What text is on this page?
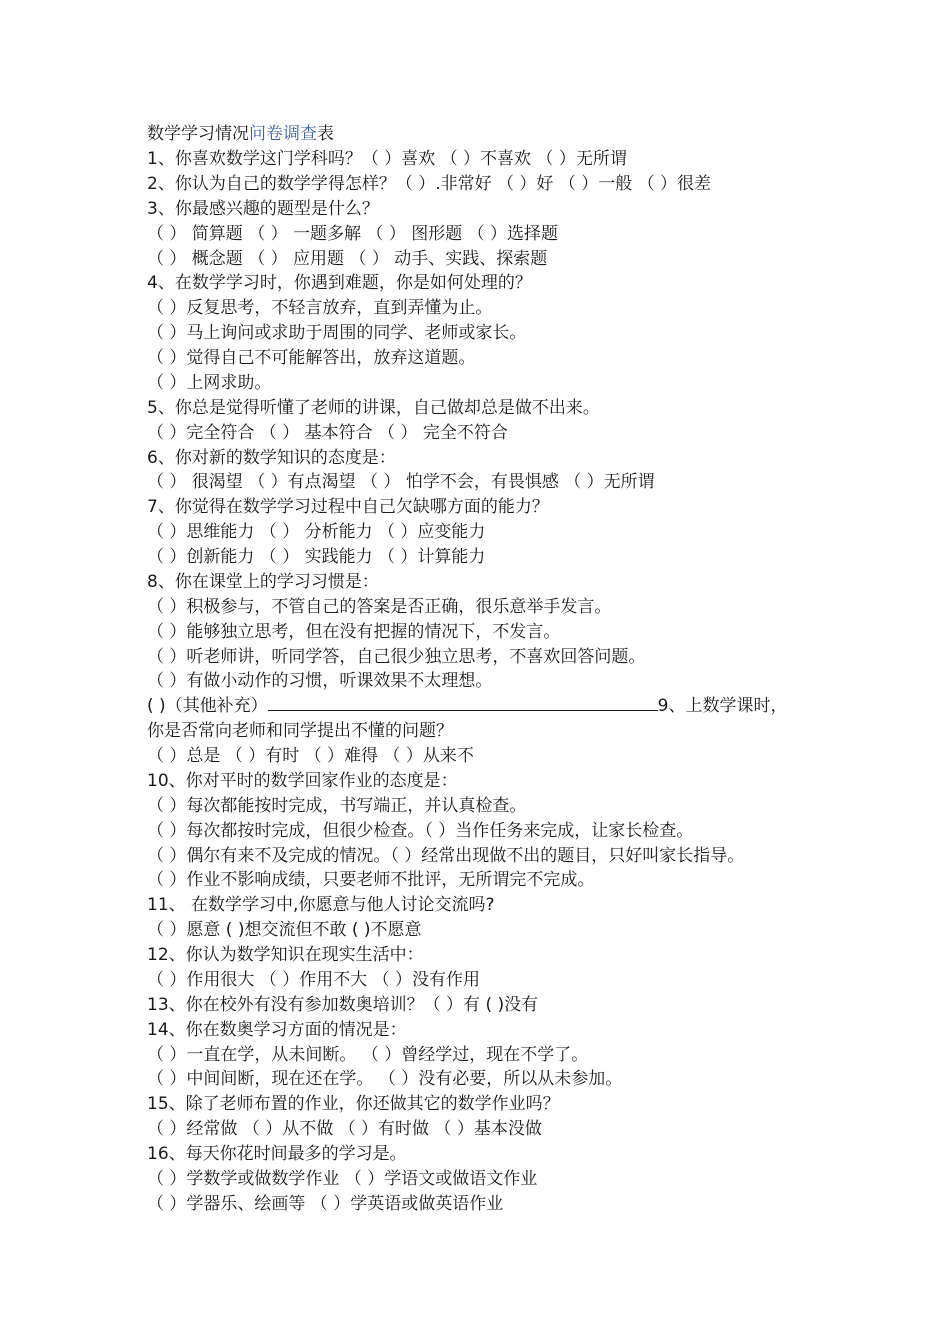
数学学习情况问卷调查表
1、你喜欢数学这门学科吗？（ ）喜欢 （ ）不喜欢 （ ）无所谓
2、你认为自己的数学学得怎样？（ ）.非常好 （ ）好 （ ）一般 （ ）很差
3、你最感兴趣的题型是什么？
（ ） 简算题 （ ） 一题多解 （ ） 图形题 （ ）选择题
（ ） 概念题 （ ） 应用题 （ ） 动手、实践、探索题
4、在数学学习时，你遇到难题，你是如何处理的？
（ ）反复思考，不轻言放弃，直到弄懂为止。
（ ）马上询问或求助于周围的同学、老师或家长。
（ ）觉得自己不可能解答出，放弃这道题。
（ ）上网求助。
5、你总是觉得听懂了老师的讲课，自己做却总是做不出来。
（ ）完全符合 （ ） 基本符合 （ ） 完全不符合
6、你对新的数学知识的态度是：
（ ） 很渴望 （ ）有点渴望 （ ） 怕学不会，有畏惧感 （ ）无所谓
7、你觉得在数学学习过程中自己欠缺哪方面的能力？
（ ）思维能力 （ ） 分析能力 （ ）应变能力
（ ）创新能力 （ ） 实践能力 （ ）计算能力
8、你在课堂上的学习习惯是：
（ ）积极参与，不管自己的答案是否正确，很乐意举手发言。
（ ）能够独立思考，但在没有把握的情况下，不发言。
（ ）听老师讲，听同学答，自己很少独立思考，不喜欢回答问题。
（ ）有做小动作的习惯，听课效果不太理想。
( )（其他补充）	9、上数学课时，
你是否常向老师和同学提出不懂的问题？
（ ）总是 （ ）有时 （ ）难得 （ ）从来不
10、你对平时的数学回家作业的态度是：
（ ）每次都能按时完成，书写端正，并认真检查。
（ ）每次都按时完成，但很少检查。（ ）当作任务来完成，让家长检查。
（ ）偶尔有来不及完成的情况。（ ）经常出现做不出的题目，只好叫家长指导。
（ ）作业不影响成绩，只要老师不批评，无所谓完不完成。
11、 在数学学习中,你愿意与他人讨论交流吗?
（ ）愿意 ( )想交流但不敢 ( )不愿意
12、你认为数学知识在现实生活中：
（ ）作用很大 （ ）作用不大 （ ）没有作用
13、你在校外有没有参加数奥培训？（ ）有 ( )没有
14、你在数奥学习方面的情况是：
（ ）一直在学，从未间断。 （ ）曾经学过，现在不学了。
（ ）中间间断，现在还在学。 （ ）没有必要，所以从未参加。
15、除了老师布置的作业，你还做其它的数学作业吗？
（ ）经常做 （ ）从不做 （ ）有时做 （ ）基本没做
16、每天你花时间最多的学习是。
（ ）学数学或做数学作业 （ ）学语文或做语文作业
（ ）学器乐、绘画等 （ ）学英语或做英语作业
